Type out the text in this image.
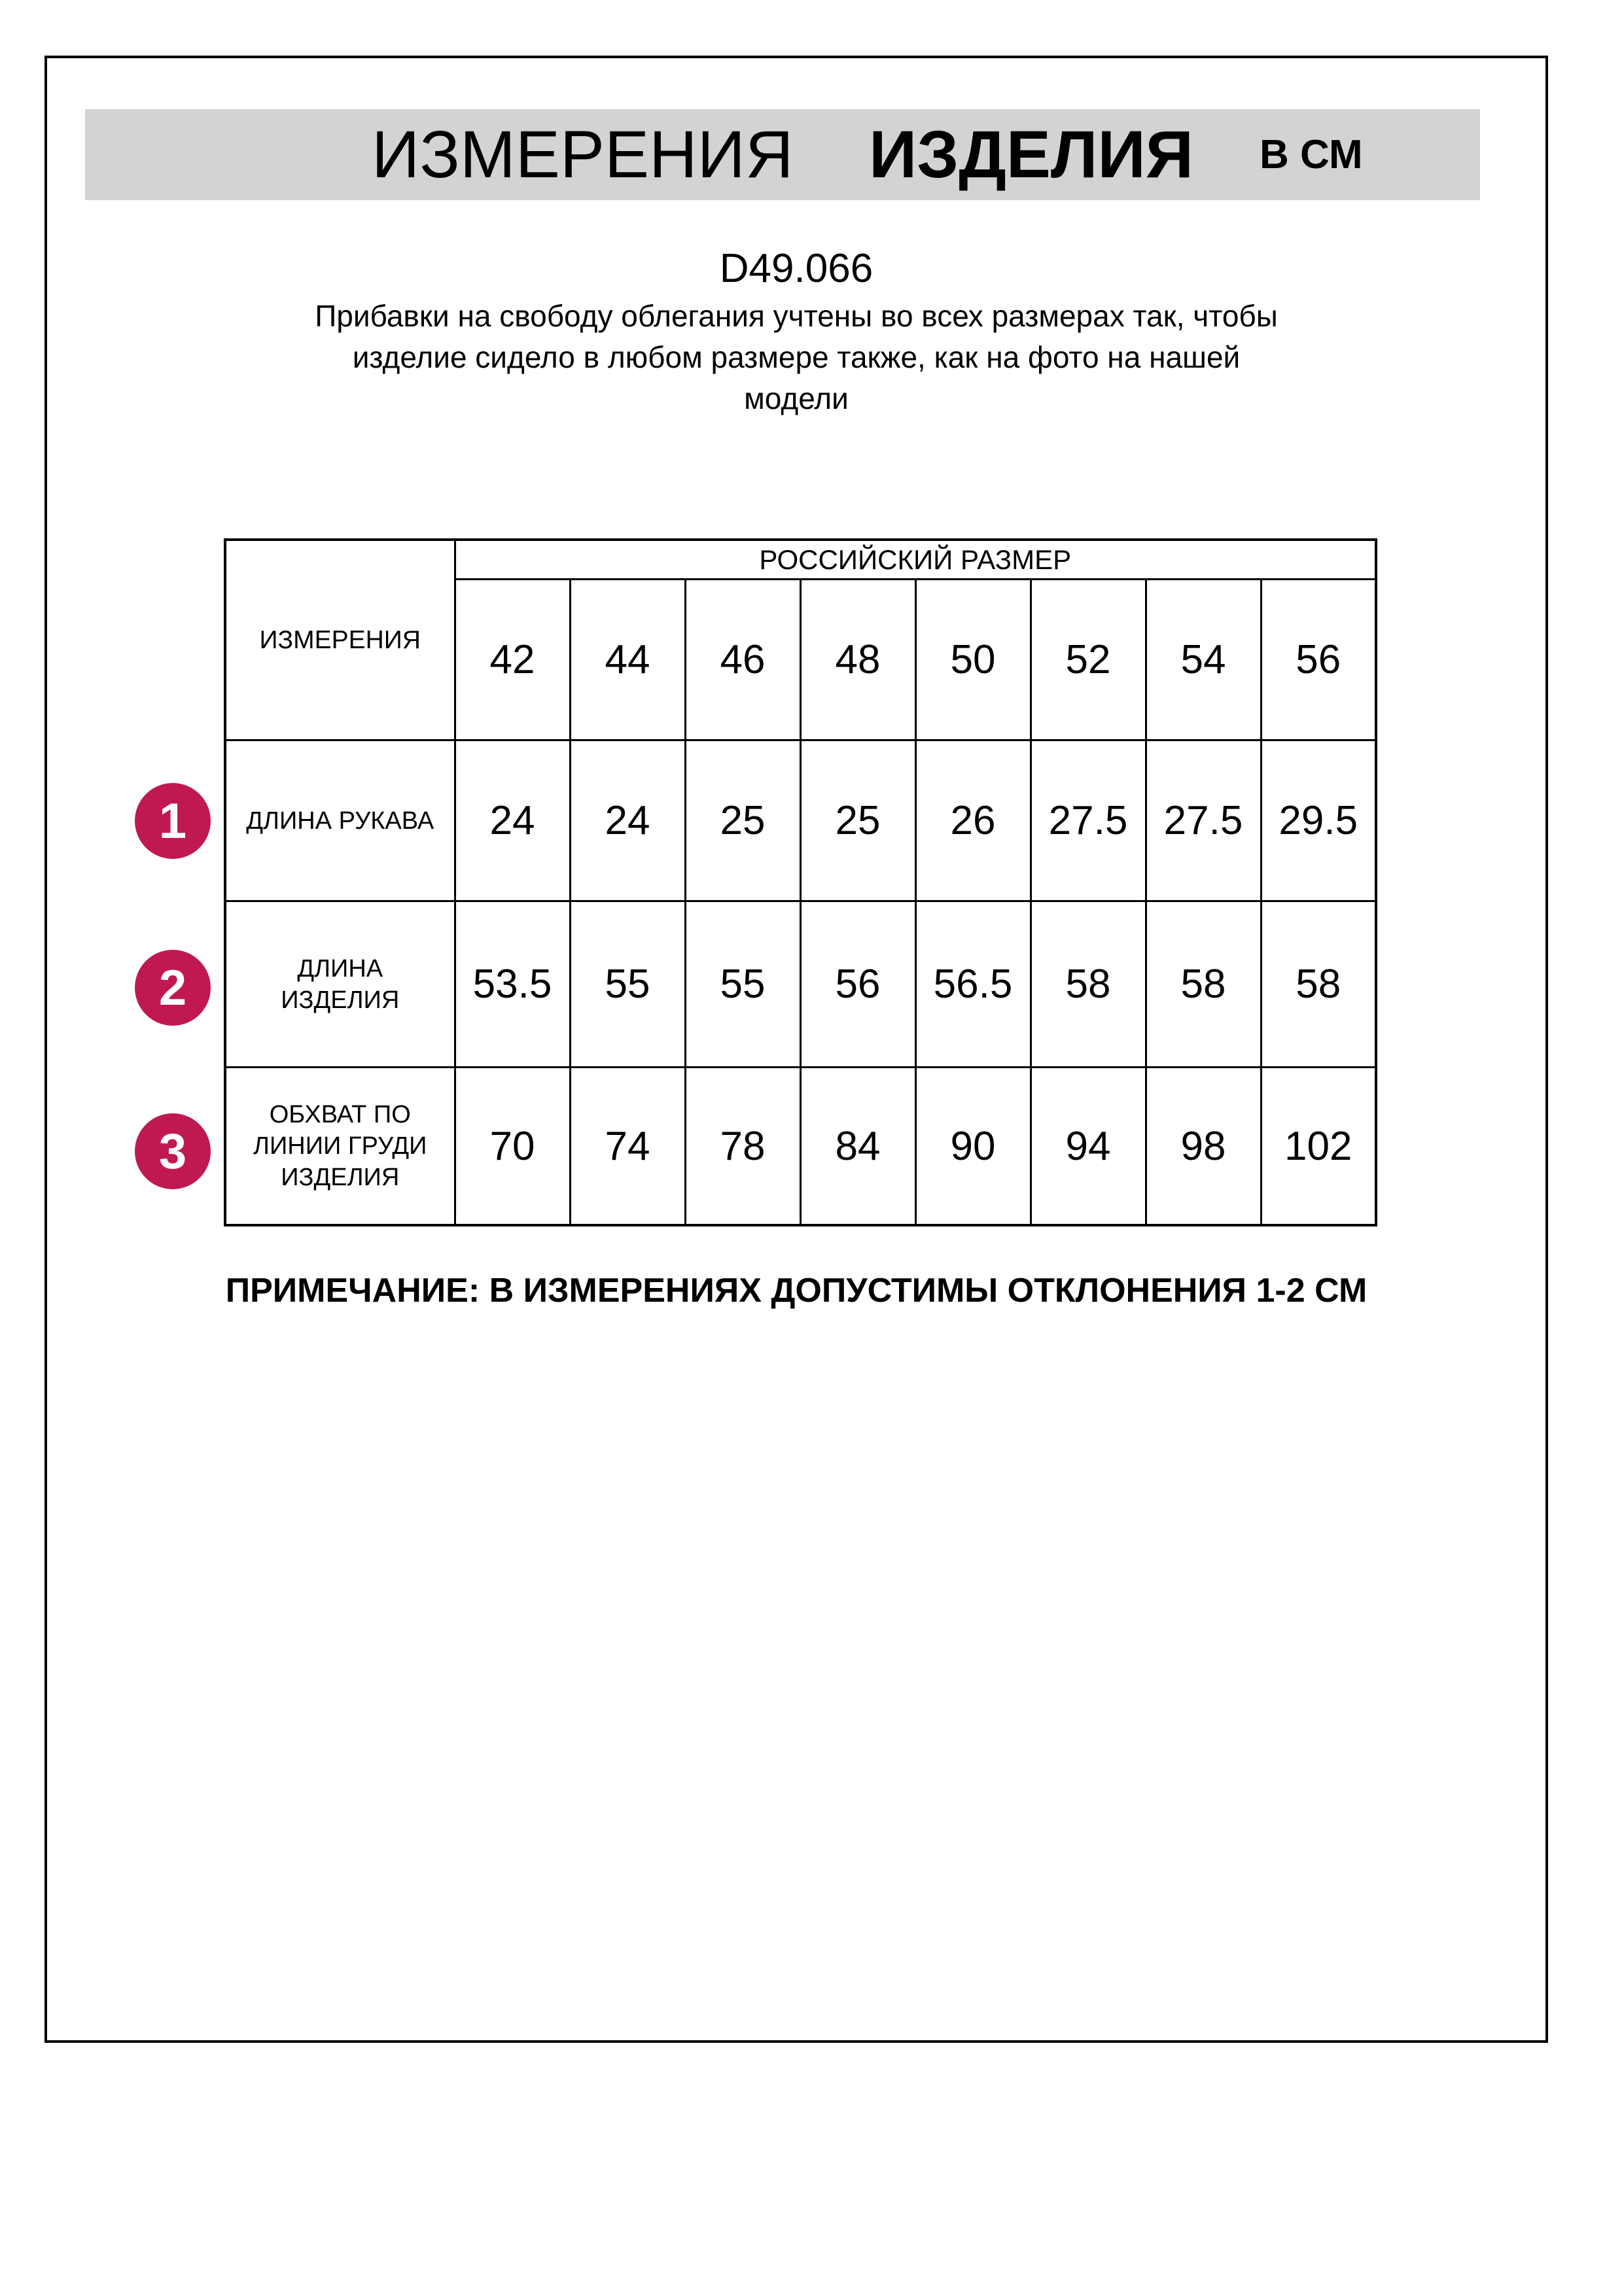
ИЗМЕРЕНИЯ ИЗДЕЛИЯ В СМ
D49.066
Прибавки на свободу облегания учтены во всех размерах так, чтобы
изделие сидело в любом размере также, как на фото на нашей
модели
ИЗМЕРЕНИЯ	РОССИЙСКИЙ РАЗМЕР							
	42	44	46	48	50	52	54	56

ДЛИНА РУКАВА	24	24	25	25	26	27.5	27.5	29.5

ДЛИНА
ИЗДЕЛИЯ	53.5	55	55	56	56.5	58	58	58

ОБХВАТ ПО
ЛИНИИ ГРУДИ
ИЗДЕЛИЯ	70	74	78	84	90	94	98	102
1
2
3
ПРИМЕЧАНИЕ: В ИЗМЕРЕНИЯХ ДОПУСТИМЫ ОТКЛОНЕНИЯ 1-2 СМ
